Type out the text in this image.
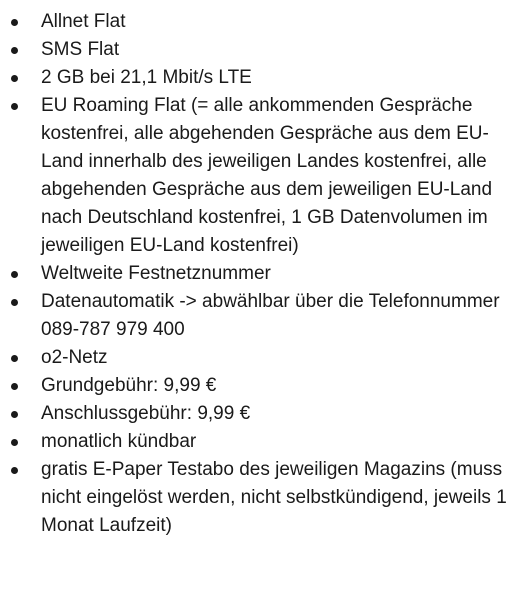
Allnet Flat
SMS Flat
2 GB bei 21,1 Mbit/s LTE
EU Roaming Flat (= alle ankommenden Gespräche kostenfrei, alle abgehenden Gespräche aus dem EU-Land innerhalb des jeweiligen Landes kostenfrei, alle abgehenden Gespräche aus dem jeweiligen EU-Land nach Deutschland kostenfrei, 1 GB Datenvolumen im jeweiligen EU-Land kostenfrei)
Weltweite Festnetznummer
Datenautomatik -> abwählbar über die Telefonnummer 089-787 979 400
o2-Netz
Grundgebühr: 9,99 €
Anschlussgebühr: 9,99 €
monatlich kündbar
gratis E-Paper Testabo des jeweiligen Magazins (muss nicht eingelöst werden, nicht selbstkündigend, jeweils 1 Monat Laufzeit)
